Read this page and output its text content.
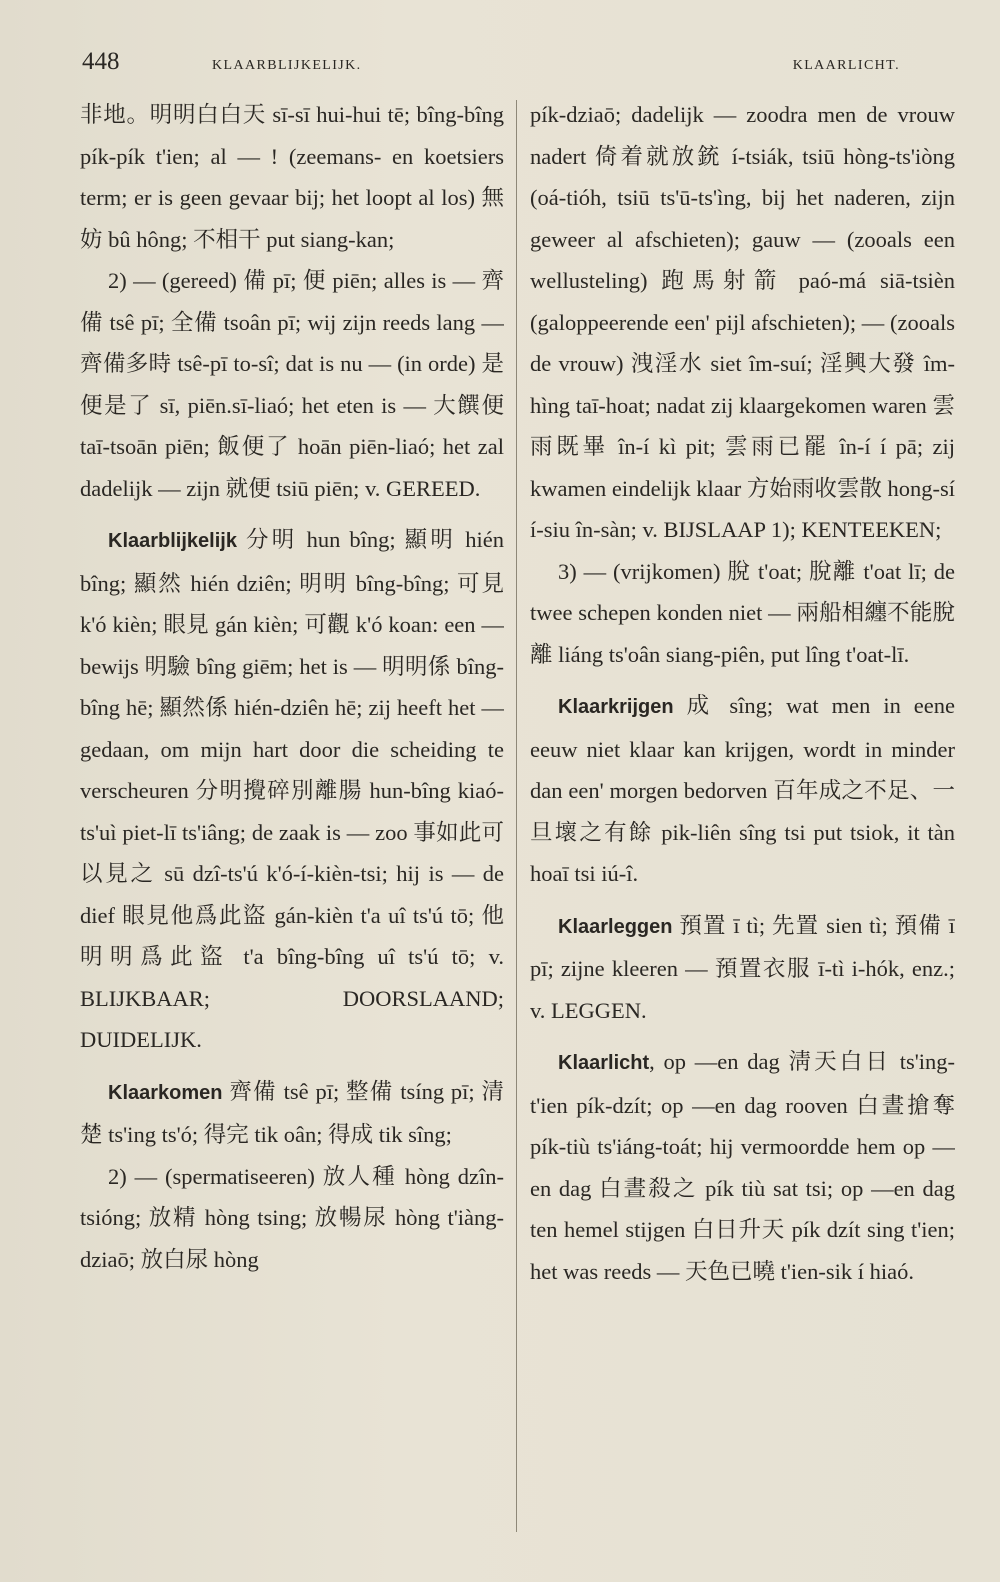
448	KLAARBLIJKELIJK.	KLAARLICHT.

非地。明明白白天 sī-sī hui-hui tē; bîng-bîng pík-pík t'ien; al — ! (zeemans- en koetsiers term; er is geen gevaar bij; het loopt al los) 無 妨 bû hông; 不相干 put siang-kan;

2) — (gereed) 備 pī; 便 piēn; alles is — 齊備 tsê pī; 全備 tsoân pī; wij zijn reeds lang — 齊備多時 tsê-pī to-sî; dat is nu — (in orde) 是便是了 sī, piēn.sī-liaó; het eten is — 大饌便 taī-tsoān piēn; 飯便了 hoān piēn-liaó; het zal dadelijk — zijn 就便 tsiū piēn; v. GEREED.

Klaarblijkelijk 分明 hun bîng; 顯明 hién bîng; 顯然 hién dziên; 明明 bîng-bîng; 可見 k'ó kièn; 眼見 gán kièn; 可觀 k'ó koan: een — bewijs 明驗 bîng giēm; het is — 明明係 bîng-bîng hē; 顯然係 hién-dziên hē; zij heeft het — gedaan, om mijn hart door die scheiding te verscheuren 分明攪碎別離腸 hun-bîng kiaó-ts'uì piet-lī ts'iâng; de zaak is — zoo 事如此可以見之 sū dzî-ts'ú k'ó-í-kièn-tsi; hij is — de dief 眼見他爲此盜 gán-kièn t'a uî ts'ú tō; 他明明爲此盜 t'a bîng-bîng uî ts'ú tō; v. BLIJKBAAR; DOORSLAAND; DUIDELIJK.

Klaarkomen 齊備 tsê pī; 整備 tsíng pī; 清楚 ts'ing ts'ó; 得完 tik oân; 得成 tik sîng;

2) — (spermatiseeren) 放人種 hòng dzîn-tsióng; 放精 hòng tsing; 放暢尿 hòng t'iàng-dziaō; 放白尿 hòng

pík-dziaō; dadelijk — zoodra men de vrouw nadert 倚着就放銃 í-tsiák, tsiū hòng-ts'iòng (oá-tióh, tsiū ts'ū-ts'ìng, bij het naderen, zijn geweer al afschieten); gauw — (zooals een wellusteling) 跑馬射箭 paó-má siā-tsièn (galoppeerende een' pijl afschieten); — (zooals de vrouw) 洩淫水 siet îm-suí; 淫興大發 îm-hìng taī-hoat; nadat zij klaargekomen waren 雲雨既畢 în-í kì pit; 雲雨已罷 în-í í pā; zij kwamen eindelijk klaar 方始雨收雲散 hong-sí í-siu în-sàn; v. BIJSLAAP 1); KENTEEKEN;

3) — (vrijkomen) 脫 t'oat; 脫離 t'oat lī; de twee schepen konden niet — 兩船相纏不能脫離 liáng ts'oân siang-piên, put lîng t'oat-lī.

Klaarkrijgen 成 sîng; wat men in eene eeuw niet klaar kan krijgen, wordt in minder dan een' morgen bedorven 百年成之不足、一旦壞之有餘 pik-liên sîng tsi put tsiok, it tàn hoaī tsi iú-î.

Klaarleggen 預置 ī tì; 先置 sien tì; 預備 ī pī; zijne kleeren — 預置衣服 ī-tì i-hók, enz.; v. LEGGEN.

Klaarlicht, op —en dag 淸天白日 ts'ing-t'ien pík-dzít; op —en dag rooven 白晝搶奪 pík-tiù ts'iáng-toát; hij vermoordde hem op —en dag 白晝殺之 pík tiù sat tsi; op —en dag ten hemel stijgen 白日升天 pík dzít sing t'ien; het was reeds — 天色已曉 t'ien-sik í hiaó.
